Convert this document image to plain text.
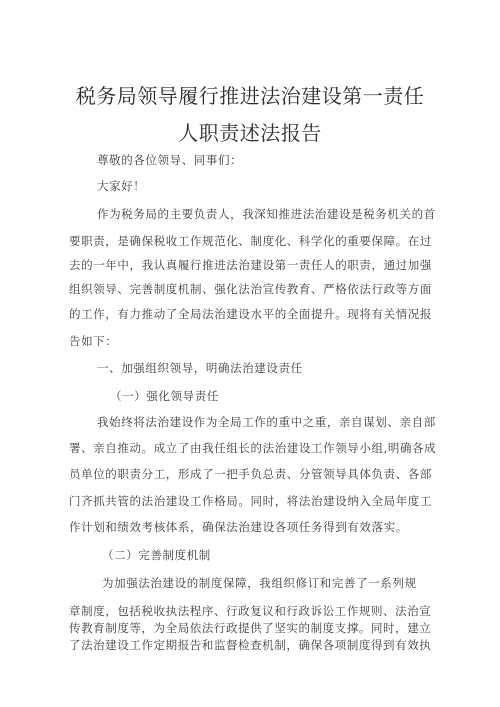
税务局领导履行推进法治建设第一责任
人职责述法报告
尊敬的各位领导、同事们：
大家好！
作为税务局的主要负责人，我深知推进法治建设是税务机关的首
要职责，是确保税收工作规范化、制度化、科学化的重要保障。在过
去的一年中，我认真履行推进法治建设第一责任人的职责，通过加强
组织领导、完善制度机制、强化法治宣传教育、严格依法行政等方面
的工作，有力推动了全局法治建设水平的全面提升。现将有关情况报
告如下：
一、加强组织领导，明确法治建设责任
（一）强化领导责任
我始终将法治建设作为全局工作的重中之重，亲自谋划、亲自部
署、亲自推动。成立了由我任组长的法治建设工作领导小组,明确各成
员单位的职责分工，形成了一把手负总责、分管领导具体负责、各部
门齐抓共管的法治建设工作格局。同时，将法治建设纳入全局年度工
作计划和绩效考核体系，确保法治建设各项任务得到有效落实。
（二）完善制度机制
为加强法治建设的制度保障，我组织修订和完善了一系列规
章制度，包括税收执法程序、行政复议和行政诉讼工作规则、法治宣
传教育制度等，为全局依法行政提供了坚实的制度支撑。同时，建立
了法治建设工作定期报告和监督检查机制，确保各项制度得到有效执
